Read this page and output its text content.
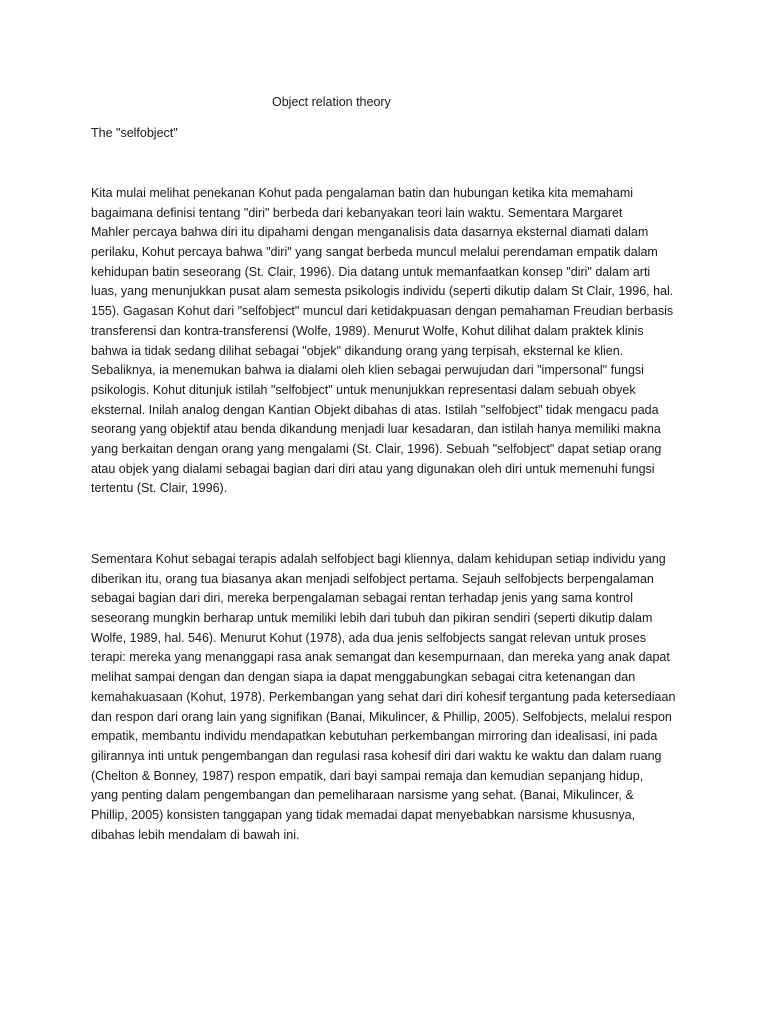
Object relation theory
The "selfobject"
Kita mulai melihat penekanan Kohut pada pengalaman batin dan hubungan ketika kita memahami
bagaimana definisi tentang "diri" berbeda dari kebanyakan teori lain waktu. Sementara Margaret
Mahler percaya bahwa diri itu dipahami dengan menganalisis data dasarnya eksternal diamati dalam
perilaku, Kohut percaya bahwa "diri" yang sangat berbeda muncul melalui perendaman empatik dalam
kehidupan batin seseorang (St. Clair, 1996). Dia datang untuk memanfaatkan konsep "diri" dalam arti
luas, yang menunjukkan pusat alam semesta psikologis individu (seperti dikutip dalam St Clair, 1996, hal.
155). Gagasan Kohut dari "selfobject" muncul dari ketidakpuasan dengan pemahaman Freudian berbasis
transferensi dan kontra-transferensi (Wolfe, 1989). Menurut Wolfe, Kohut dilihat dalam praktek klinis
bahwa ia tidak sedang dilihat sebagai "objek" dikandung orang yang terpisah, eksternal ke klien.
Sebaliknya, ia menemukan bahwa ia dialami oleh klien sebagai perwujudan dari "impersonal" fungsi
psikologis. Kohut ditunjuk istilah "selfobject" untuk menunjukkan representasi dalam sebuah obyek
eksternal. Inilah analog dengan Kantian Objekt dibahas di atas. Istilah "selfobject" tidak mengacu pada
seorang yang objektif atau benda dikandung menjadi luar kesadaran, dan istilah hanya memiliki makna
yang berkaitan dengan orang yang mengalami (St. Clair, 1996). Sebuah "selfobject" dapat setiap orang
atau objek yang dialami sebagai bagian dari diri atau yang digunakan oleh diri untuk memenuhi fungsi
tertentu (St. Clair, 1996).
Sementara Kohut sebagai terapis adalah selfobject bagi kliennya, dalam kehidupan setiap individu yang
diberikan itu, orang tua biasanya akan menjadi selfobject pertama. Sejauh selfobjects berpengalaman
sebagai bagian dari diri, mereka berpengalaman sebagai rentan terhadap jenis yang sama kontrol
seseorang mungkin berharap untuk memiliki lebih dari tubuh dan pikiran sendiri (seperti dikutip dalam
Wolfe, 1989, hal. 546). Menurut Kohut (1978), ada dua jenis selfobjects sangat relevan untuk proses
terapi: mereka yang menanggapi rasa anak semangat dan kesempurnaan, dan mereka yang anak dapat
melihat sampai dengan dan dengan siapa ia dapat menggabungkan sebagai citra ketenangan dan
kemahakuasaan (Kohut, 1978). Perkembangan yang sehat dari diri kohesif tergantung pada ketersediaan
dan respon dari orang lain yang signifikan (Banai, Mikulincer, & Phillip, 2005). Selfobjects, melalui respon
empatik, membantu individu mendapatkan kebutuhan perkembangan mirroring dan idealisasi, ini pada
gilirannya inti untuk pengembangan dan regulasi rasa kohesif diri dari waktu ke waktu dan dalam ruang
(Chelton & Bonney, 1987) respon empatik, dari bayi sampai remaja dan kemudian sepanjang hidup,
yang penting dalam pengembangan dan pemeliharaan narsisme yang sehat. (Banai, Mikulincer, &
Phillip, 2005) konsisten tanggapan yang tidak memadai dapat menyebabkan narsisme khususnya,
dibahas lebih mendalam di bawah ini.
